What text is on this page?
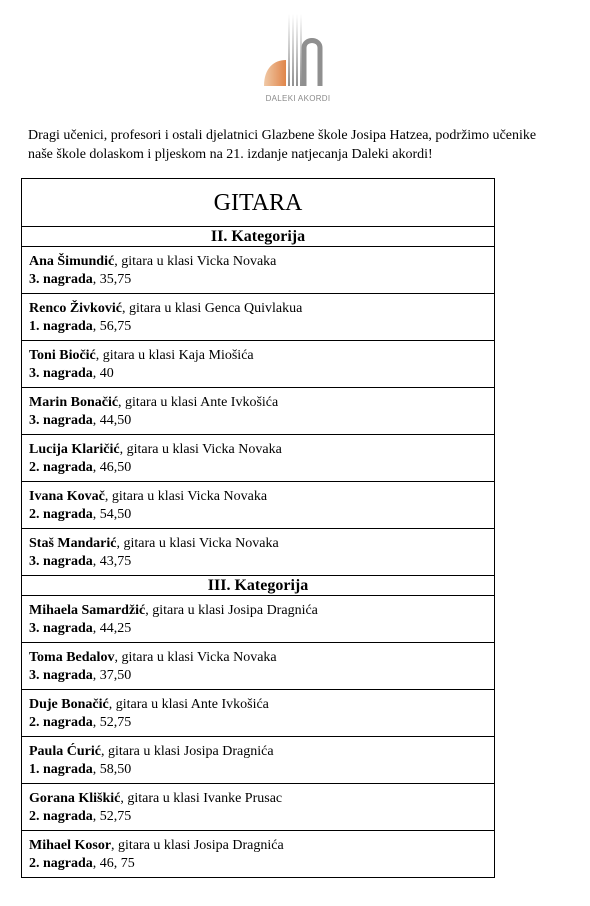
DALEKI AKORDI
Dragi učenici, profesori i ostali djelatnici Glazbene škole Josipa Hatzea, podržimo učenike naše škole dolaskom i pljeskom na 21. izdanje natjecanja Daleki akordi!
GITARA
II. Kategorija
Ana Šimundić, gitara u klasi Vicka Novaka
3. nagrada, 35,75
Renco Živković, gitara u klasi Genca Quivlakua
1. nagrada, 56,75
Toni Biočić, gitara u klasi Kaja Miošića
3. nagrada, 40
Marin Bonačić, gitara u klasi Ante Ivkošića
3. nagrada, 44,50
Lucija Klaričić, gitara u klasi Vicka Novaka
2. nagrada, 46,50
Ivana Kovač, gitara u klasi Vicka Novaka
2. nagrada, 54,50
Staš Mandarić, gitara u klasi Vicka Novaka
3. nagrada, 43,75
III. Kategorija
Mihaela Samardžić, gitara u klasi Josipa Dragnića
3. nagrada, 44,25
Toma Bedalov, gitara u klasi Vicka Novaka
3. nagrada, 37,50
Duje Bonačić, gitara u klasi Ante Ivkošića
2. nagrada, 52,75
Paula Ćurić, gitara u klasi Josipa Dragnića
1. nagrada, 58,50
Gorana Kliškić, gitara u klasi Ivanke Prusac
2. nagrada, 52,75
Mihael Kosor, gitara u klasi Josipa Dragnića
2. nagrada, 46, 75
